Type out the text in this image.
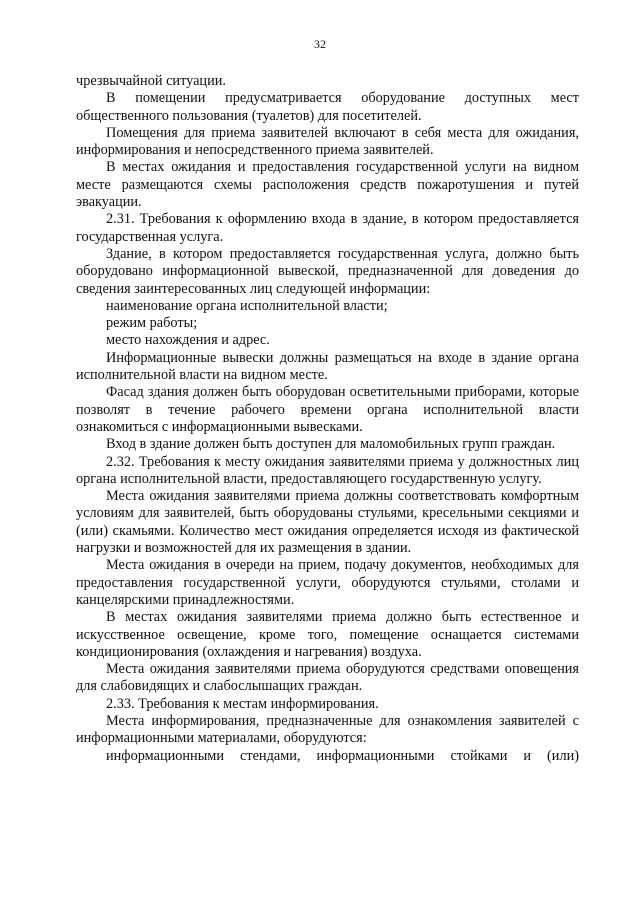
32

чрезвычайной ситуации.

В помещении предусматривается оборудование доступных мест общественного пользования (туалетов) для посетителей.

Помещения для приема заявителей включают в себя места для ожидания, информирования и непосредственного приема заявителей.

В местах ожидания и предоставления государственной услуги на видном месте размещаются схемы расположения средств пожаротушения и путей эвакуации.

2.31. Требования к оформлению входа в здание, в котором предоставляется государственная услуга.

Здание, в котором предоставляется государственная услуга, должно быть оборудовано информационной вывеской, предназначенной для доведения до сведения заинтересованных лиц следующей информации:

наименование органа исполнительной власти;

режим работы;

место нахождения и адрес.

Информационные вывески должны размещаться на входе в здание органа исполнительной власти на видном месте.

Фасад здания должен быть оборудован осветительными приборами, которые позволят в течение рабочего времени органа исполнительной власти ознакомиться с информационными вывесками.

Вход в здание должен быть доступен для маломобильных групп граждан.

2.32. Требования к месту ожидания заявителями приема у должностных лиц органа исполнительной власти, предоставляющего государственную услугу.

Места ожидания заявителями приема должны соответствовать комфортным условиям для заявителей, быть оборудованы стульями, кресельными секциями и (или) скамьями. Количество мест ожидания определяется исходя из фактической нагрузки и возможностей для их размещения в здании.

Места ожидания в очереди на прием, подачу документов, необходимых для предоставления государственной услуги, оборудуются стульями, столами и канцелярскими принадлежностями.

В местах ожидания заявителями приема должно быть естественное и искусственное освещение, кроме того, помещение оснащается системами кондиционирования (охлаждения и нагревания) воздуха.

Места ожидания заявителями приема оборудуются средствами оповещения для слабовидящих и слабослышащих граждан.

2.33. Требования к местам информирования.

Места информирования, предназначенные для ознакомления заявителей с информационными материалами, оборудуются:

информационными стендами, информационными стойками и (или)
